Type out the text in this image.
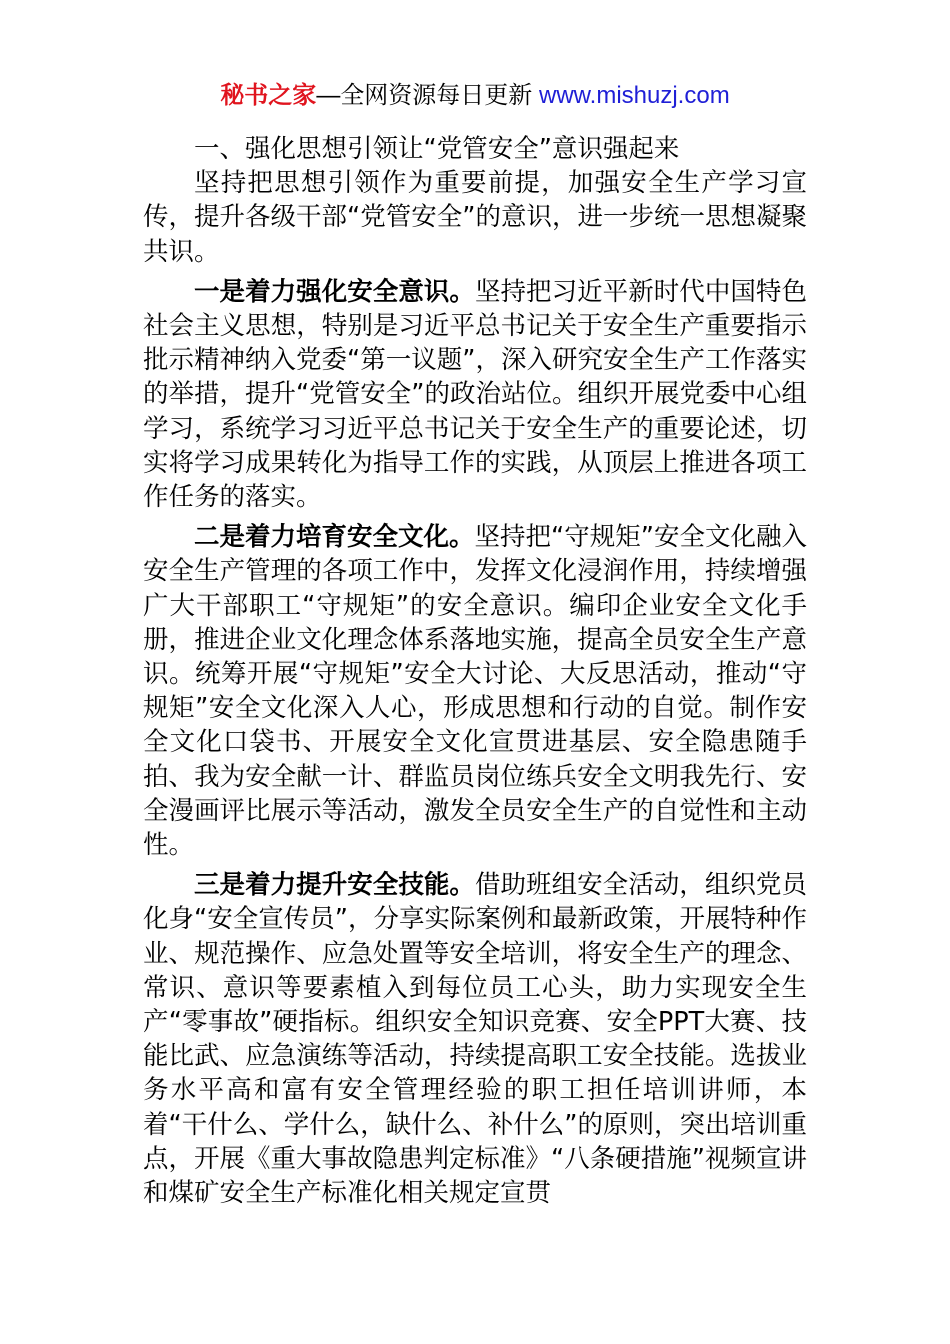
秘书之家—全网资源每日更新 www.mishuzj.com

一、强化思想引领让“党管安全”意识强起来

坚持把思想引领作为重要前提，加强安全生产学习宣传，提升各级干部“党管安全”的意识，进一步统一思想凝聚共识。

一是着力强化安全意识。坚持把习近平新时代中国特色社会主义思想，特别是习近平总书记关于安全生产重要指示批示精神纳入党委“第一议题”，深入研究安全生产工作落实的举措，提升“党管安全”的政治站位。组织开展党委中心组学习，系统学习习近平总书记关于安全生产的重要论述，切实将学习成果转化为指导工作的实践，从顶层上推进各项工作任务的落实。

二是着力培育安全文化。坚持把“守规矩”安全文化融入安全生产管理的各项工作中，发挥文化浸润作用，持续增强广大干部职工“守规矩”的安全意识。编印企业安全文化手册，推进企业文化理念体系落地实施，提高全员安全生产意识。统筹开展“守规矩”安全大讨论、大反思活动，推动“守规矩”安全文化深入人心，形成思想和行动的自觉。制作安全文化口袋书、开展安全文化宣贯进基层、安全隐患随手拍、我为安全献一计、群监员岗位练兵安全文明我先行、安全漫画评比展示等活动，激发全员安全生产的自觉性和主动性。

三是着力提升安全技能。借助班组安全活动，组织党员化身“安全宣传员”，分享实际案例和最新政策，开展特种作业、规范操作、应急处置等安全培训，将安全生产的理念、常识、意识等要素植入到每位员工心头，助力实现安全生产“零事故”硬指标。组织安全知识竞赛、安全PPT大赛、技能比武、应急演练等活动，持续提高职工安全技能。选拔业务水平高和富有安全管理经验的职工担任培训讲师，本着“干什么、学什么，缺什么、补什么”的原则，突出培训重点，开展《重大事故隐患判定标准》“八条硬措施”视频宣讲和煤矿安全生产标准化相关规定宣贯
